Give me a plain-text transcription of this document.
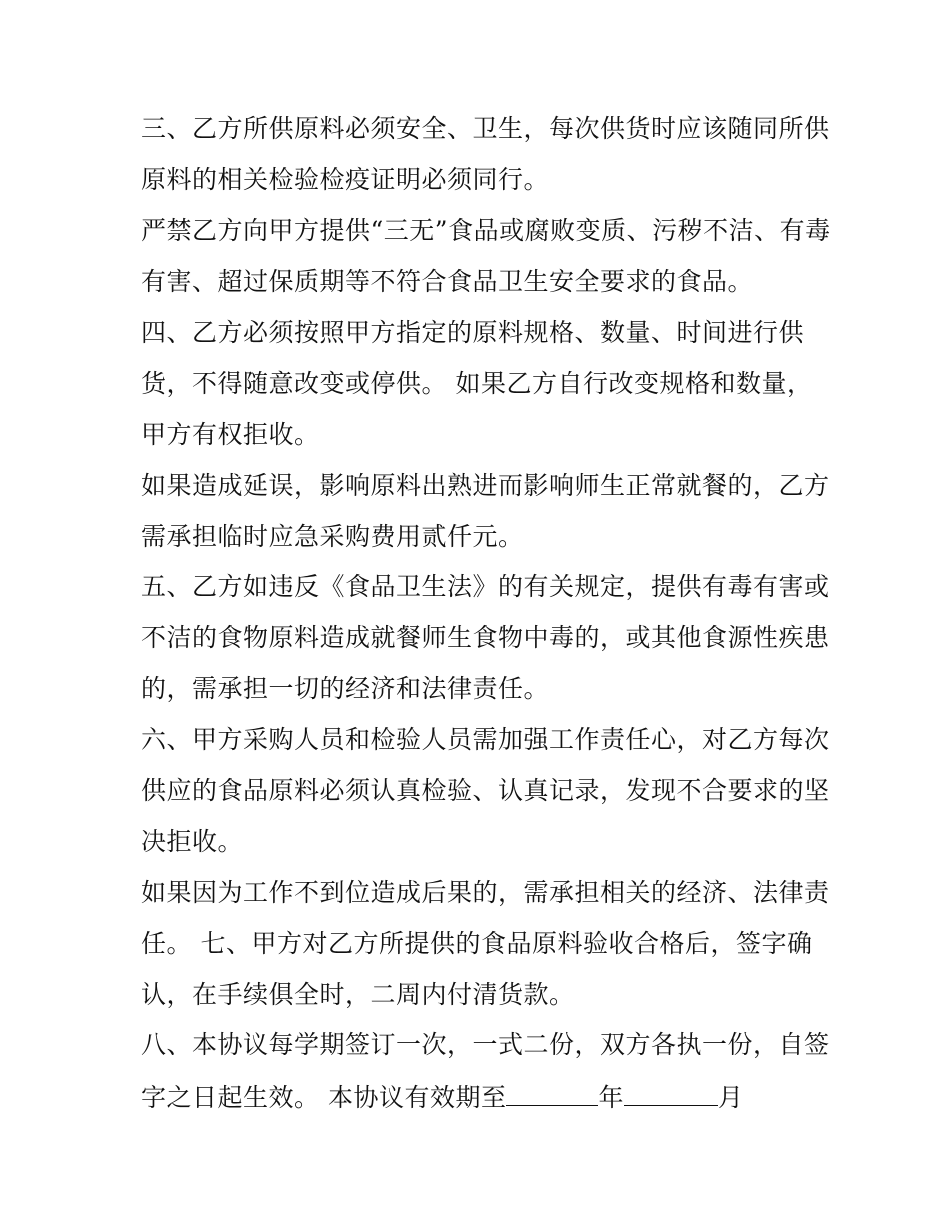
三、乙方所供原料必须安全、卫生，每次供货时应该随同所供
原料的相关检验检疫证明必须同行。
严禁乙方向甲方提供“三无”食品或腐败变质、污秽不洁、有毒
有害、超过保质期等不符合食品卫生安全要求的食品。
四、乙方必须按照甲方指定的原料规格、数量、时间进行供
货，不得随意改变或停供。 如果乙方自行改变规格和数量，
甲方有权拒收。
如果造成延误，影响原料出熟进而影响师生正常就餐的，乙方
需承担临时应急采购费用贰仟元。
五、乙方如违反《食品卫生法》的有关规定，提供有毒有害或
不洁的食物原料造成就餐师生食物中毒的，或其他食源性疾患
的，需承担一切的经济和法律责任。
六、甲方采购人员和检验人员需加强工作责任心，对乙方每次
供应的食品原料必须认真检验、认真记录，发现不合要求的坚
决拒收。
如果因为工作不到位造成后果的，需承担相关的经济、法律责
任。 七、甲方对乙方所提供的食品原料验收合格后，签字确
认，在手续俱全时，二周内付清货款。
八、本协议每学期签订一次，一式二份，双方各执一份，自签
字之日起生效。 本协议有效期至	年	月
